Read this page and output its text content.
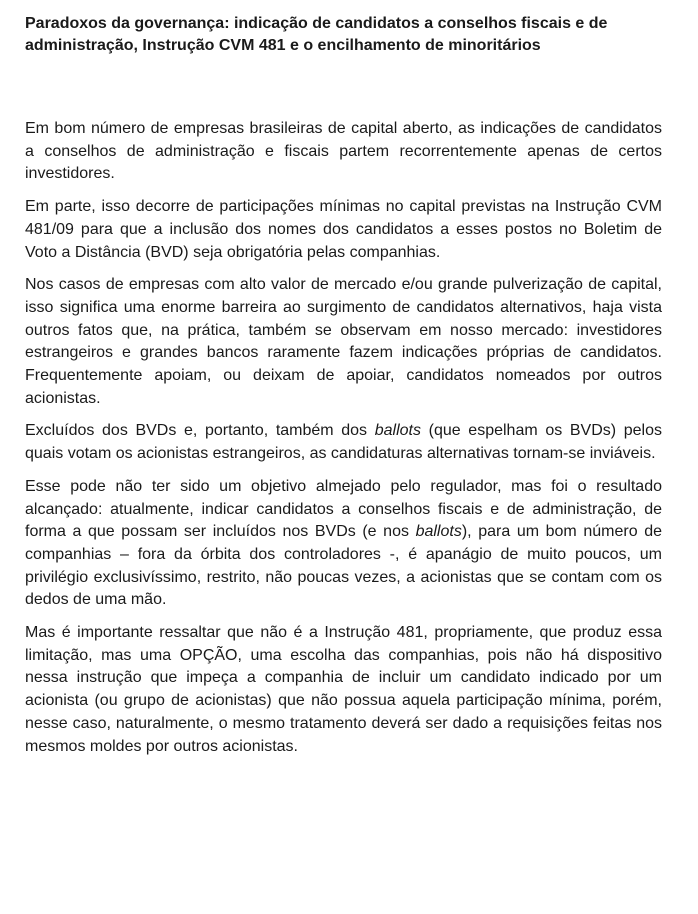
Paradoxos da governança: indicação de candidatos a conselhos fiscais e de administração, Instrução CVM 481 e o encilhamento de minoritários

Em bom número de empresas brasileiras de capital aberto, as indicações de candidatos a conselhos de administração e fiscais partem recorrentemente apenas de certos investidores.

Em parte, isso decorre de participações mínimas no capital previstas na Instrução CVM 481/09 para que a inclusão dos nomes dos candidatos a esses postos no Boletim de Voto a Distância (BVD) seja obrigatória pelas companhias.

Nos casos de empresas com alto valor de mercado e/ou grande pulverização de capital, isso significa uma enorme barreira ao surgimento de candidatos alternativos, haja vista outros fatos que, na prática, também se observam em nosso mercado: investidores estrangeiros e grandes bancos raramente fazem indicações próprias de candidatos. Frequentemente apoiam, ou deixam de apoiar, candidatos nomeados por outros acionistas.

Excluídos dos BVDs e, portanto, também dos ballots (que espelham os BVDs) pelos quais votam os acionistas estrangeiros, as candidaturas alternativas tornam-se inviáveis.

Esse pode não ter sido um objetivo almejado pelo regulador, mas foi o resultado alcançado: atualmente, indicar candidatos a conselhos fiscais e de administração, de forma a que possam ser incluídos nos BVDs (e nos ballots), para um bom número de companhias – fora da órbita dos controladores -, é apanágio de muito poucos, um privilégio exclusivíssimo, restrito, não poucas vezes, a acionistas que se contam com os dedos de uma mão.

Mas é importante ressaltar que não é a Instrução 481, propriamente, que produz essa limitação, mas uma OPÇÃO, uma escolha das companhias, pois não há dispositivo nessa instrução que impeça a companhia de incluir um candidato indicado por um acionista (ou grupo de acionistas) que não possua aquela participação mínima, porém, nesse caso, naturalmente, o mesmo tratamento deverá ser dado a requisições feitas nos mesmos moldes por outros acionistas.
